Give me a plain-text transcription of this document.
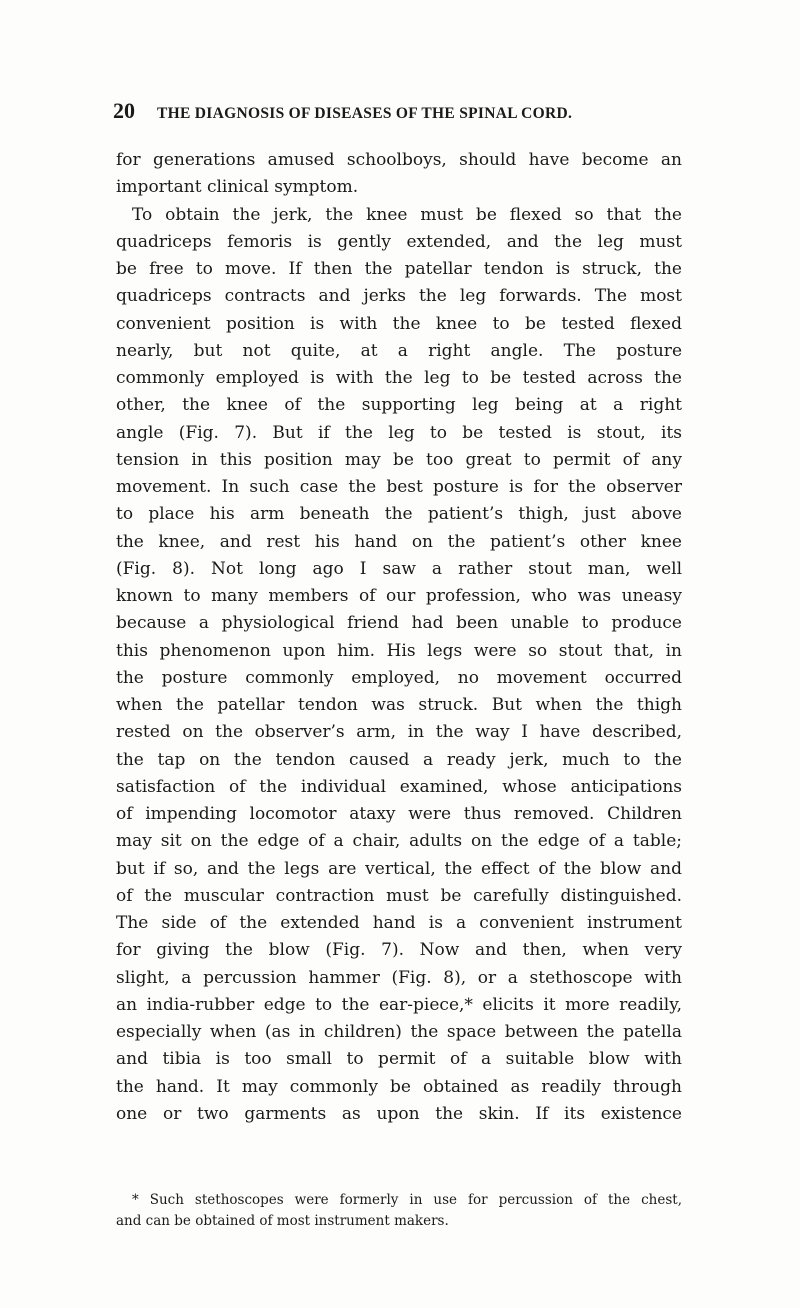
20 THE DIAGNOSIS OF DISEASES OF THE SPINAL CORD.
for generations amused schoolboys, should have become an
important clinical symptom.
To obtain the jerk, the knee must be flexed so that the
quadriceps femoris is gently extended, and the leg must
be free to move. If then the patellar tendon is struck, the
quadriceps contracts and jerks the leg forwards. The most
convenient position is with the knee to be tested flexed
nearly, but not quite, at a right angle. The posture
commonly employed is with the leg to be tested across the
other, the knee of the supporting leg being at a right
angle (Fig. 7). But if the leg to be tested is stout, its
tension in this position may be too great to permit of any
movement. In such case the best posture is for the observer
to place his arm beneath the patient’s thigh, just above
the knee, and rest his hand on the patient’s other knee
(Fig. 8). Not long ago I saw a rather stout man, well
known to many members of our profession, who was uneasy
because a physiological friend had been unable to produce
this phenomenon upon him. His legs were so stout that, in
the posture commonly employed, no movement occurred
when the patellar tendon was struck. But when the thigh
rested on the observer’s arm, in the way I have described,
the tap on the tendon caused a ready jerk, much to the
satisfaction of the individual examined, whose anticipations
of impending locomotor ataxy were thus removed. Children
may sit on the edge of a chair, adults on the edge of a table;
but if so, and the legs are vertical, the effect of the blow and
of the muscular contraction must be carefully distinguished.
The side of the extended hand is a convenient instrument
for giving the blow (Fig. 7). Now and then, when very
slight, a percussion hammer (Fig. 8), or a stethoscope with
an india-rubber edge to the ear-piece,* elicits it more readily,
especially when (as in children) the space between the patella
and tibia is too small to permit of a suitable blow with
the hand. It may commonly be obtained as readily through
one or two garments as upon the skin. If its existence
* Such stethoscopes were formerly in use for percussion of the chest,
and can be obtained of most instrument makers.
